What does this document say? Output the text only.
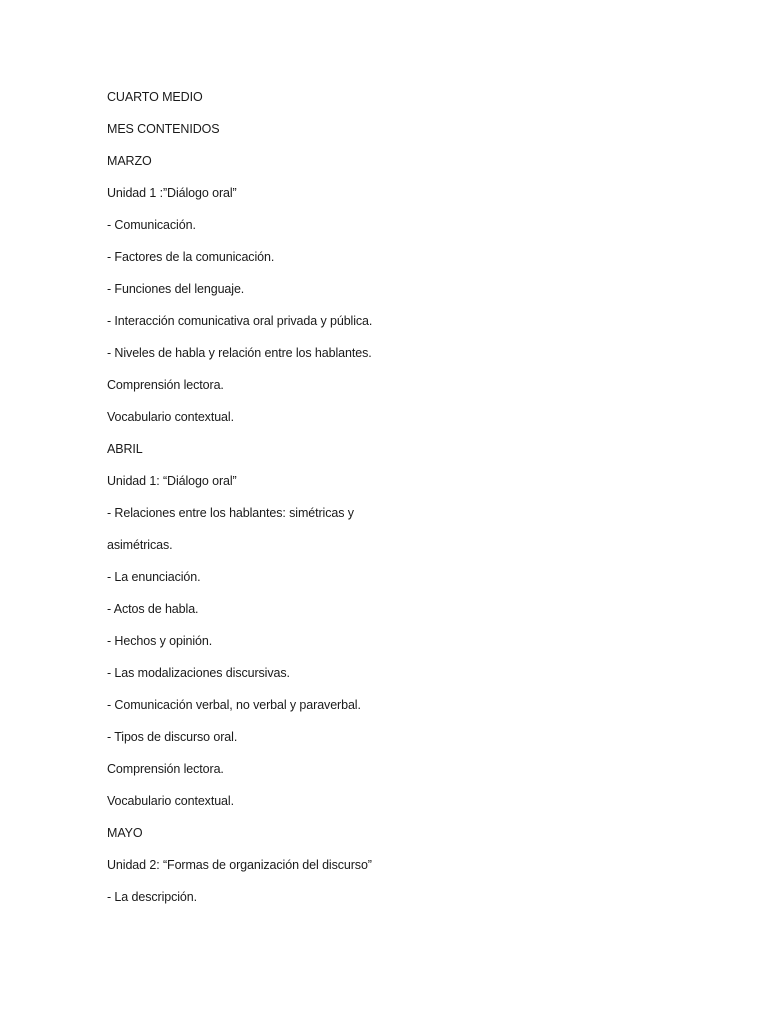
CUARTO MEDIO
MES CONTENIDOS
MARZO
Unidad 1 :”Diálogo oral”
- Comunicación.
- Factores de la comunicación.
- Funciones del lenguaje.
- Interacción comunicativa oral privada y pública.
- Niveles de habla y relación entre los hablantes.
Comprensión lectora.
Vocabulario contextual.
ABRIL
Unidad 1: “Diálogo oral”
- Relaciones entre los hablantes: simétricas y
asimétricas.
- La enunciación.
- Actos de habla.
- Hechos y opinión.
- Las modalizaciones discursivas.
- Comunicación verbal, no verbal y paraverbal.
- Tipos de discurso oral.
Comprensión lectora.
Vocabulario contextual.
MAYO
Unidad 2: “Formas de organización del discurso”
- La descripción.
